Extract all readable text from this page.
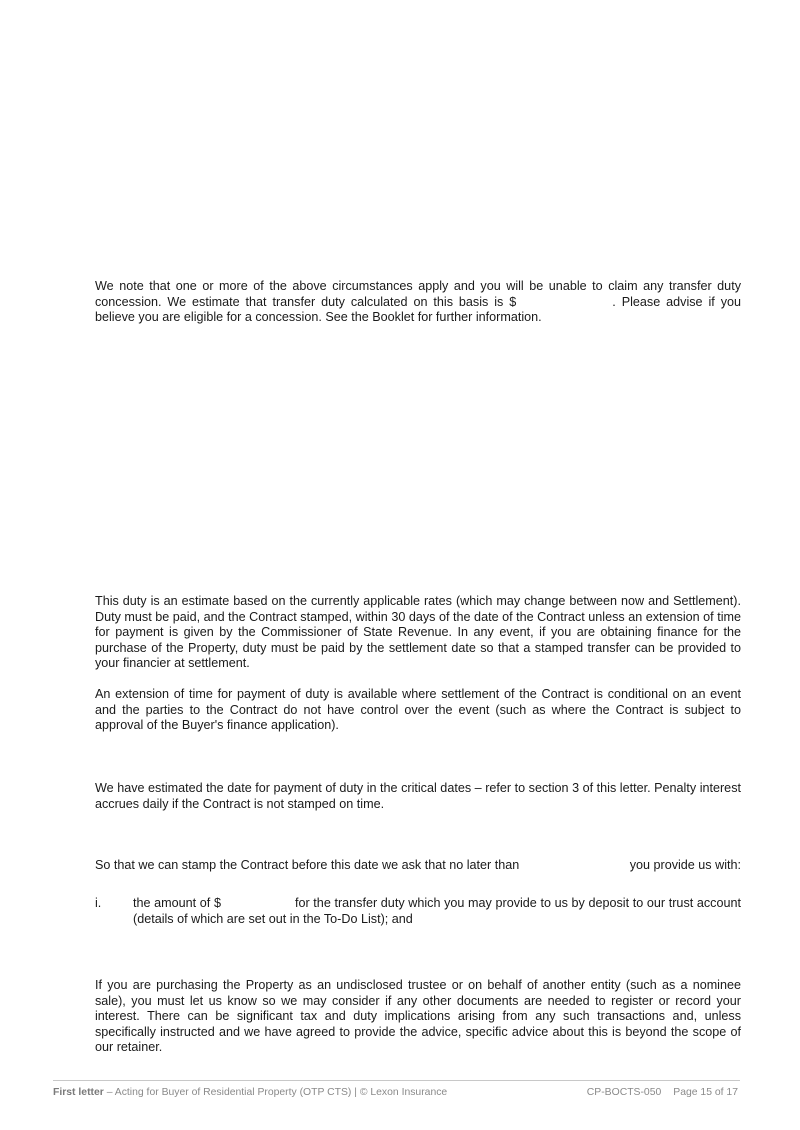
We note that one or more of the above circumstances apply and you will be unable to claim any transfer duty concession. We estimate that transfer duty calculated on this basis is $	. Please advise if you believe you are eligible for a concession. See the Booklet for further information.

This duty is an estimate based on the currently applicable rates (which may change between now and Settlement). Duty must be paid, and the Contract stamped, within 30 days of the date of the Contract unless an extension of time for payment is given by the Commissioner of State Revenue. In any event, if you are obtaining finance for the purchase of the Property, duty must be paid by the settlement date so that a stamped transfer can be provided to your financier at settlement.

An extension of time for payment of duty is available where settlement of the Contract is conditional on an event and the parties to the Contract do not have control over the event (such as where the Contract is subject to approval of the Buyer's finance application).

We have estimated the date for payment of duty in the critical dates – refer to section 3 of this letter. Penalty interest accrues daily if the Contract is not stamped on time.

So that we can stamp the Contract before this date we ask that no later than	you provide us with:

i.	the amount of $	for the transfer duty which you may provide to us by deposit to our trust account (details of which are set out in the To-Do List); and

If you are purchasing the Property as an undisclosed trustee or on behalf of another entity (such as a nominee sale), you must let us know so we may consider if any other documents are needed to register or record your interest. There can be significant tax and duty implications arising from any such transactions and, unless specifically instructed and we have agreed to provide the advice, specific advice about this is beyond the scope of our retainer.

First letter – Acting for Buyer of Residential Property (OTP CTS) | © Lexon Insurance	CP-BOCTS-050 Page 15 of 17
